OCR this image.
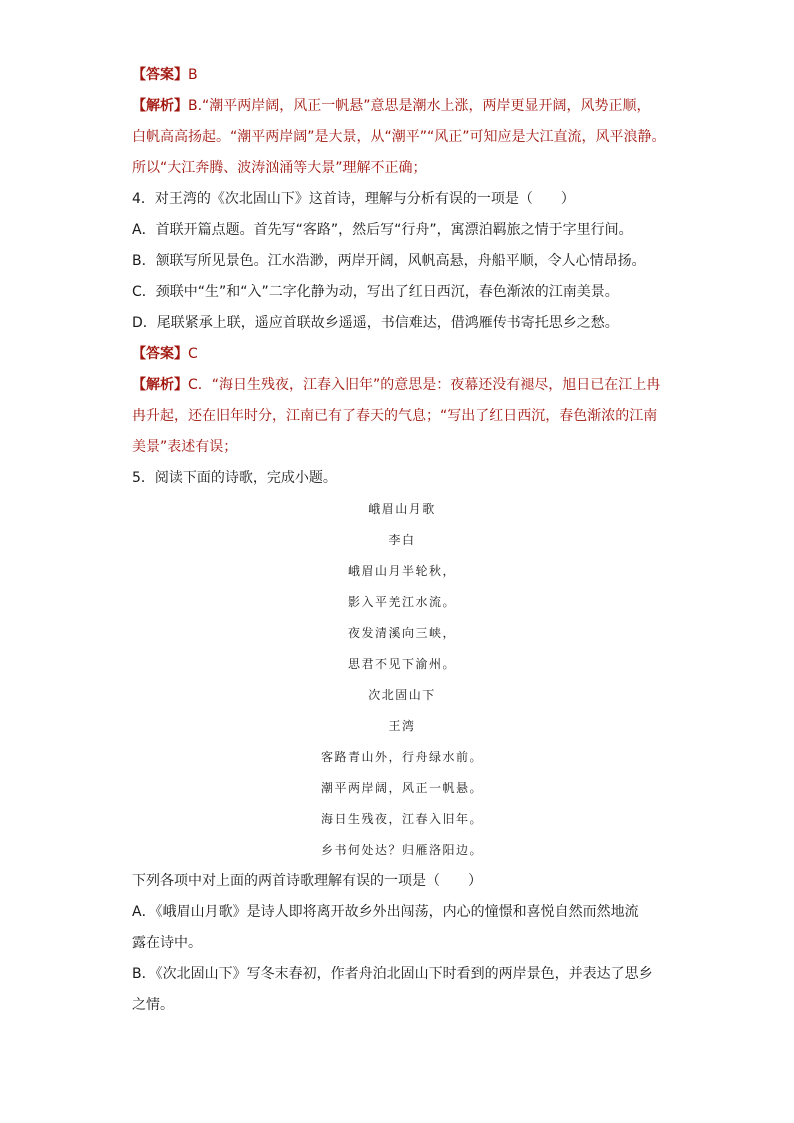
【答案】B
【解析】B.“潮平两岸阔，风正一帆悬”意思是潮水上涨，两岸更显开阔，风势正顺，
白帆高高扬起。“潮平两岸阔”是大景，从“潮平”“风正”可知应是大江直流，风平浪静。
所以“大江奔腾、波涛汹涌等大景”理解不正确；
4．对王湾的《次北固山下》这首诗，理解与分析有误的一项是（　　）
A．首联开篇点题。首先写“客路”，然后写“行舟”，寓漂泊羁旅之情于字里行间。
B．颔联写所见景色。江水浩渺，两岸开阔，风帆高悬，舟船平顺，令人心情昂扬。
C．颈联中“生”和“入”二字化静为动，写出了红日西沉，春色渐浓的江南美景。
D．尾联紧承上联，遥应首联故乡遥遥，书信难达，借鸿雁传书寄托思乡之愁。
【答案】C
【解析】C．“海日生残夜，江春入旧年”的意思是：夜幕还没有褪尽，旭日已在江上冉
冉升起，还在旧年时分，江南已有了春天的气息；“写出了红日西沉，春色渐浓的江南
美景”表述有误；
5．阅读下面的诗歌，完成小题。
峨眉山月歌
李白
峨眉山月半轮秋，
影入平羌江水流。
夜发清溪向三峡，
思君不见下渝州。
次北固山下
王湾
客路青山外，行舟绿水前。
潮平两岸阔，风正一帆悬。
海日生残夜，江春入旧年。
乡书何处达？归雁洛阳边。
下列各项中对上面的两首诗歌理解有误的一项是（　　）
A．《峨眉山月歌》是诗人即将离开故乡外出闯荡，内心的憧憬和喜悦自然而然地流
露在诗中。
B．《次北固山下》写冬末春初，作者舟泊北固山下时看到的两岸景色，并表达了思乡
之情。
